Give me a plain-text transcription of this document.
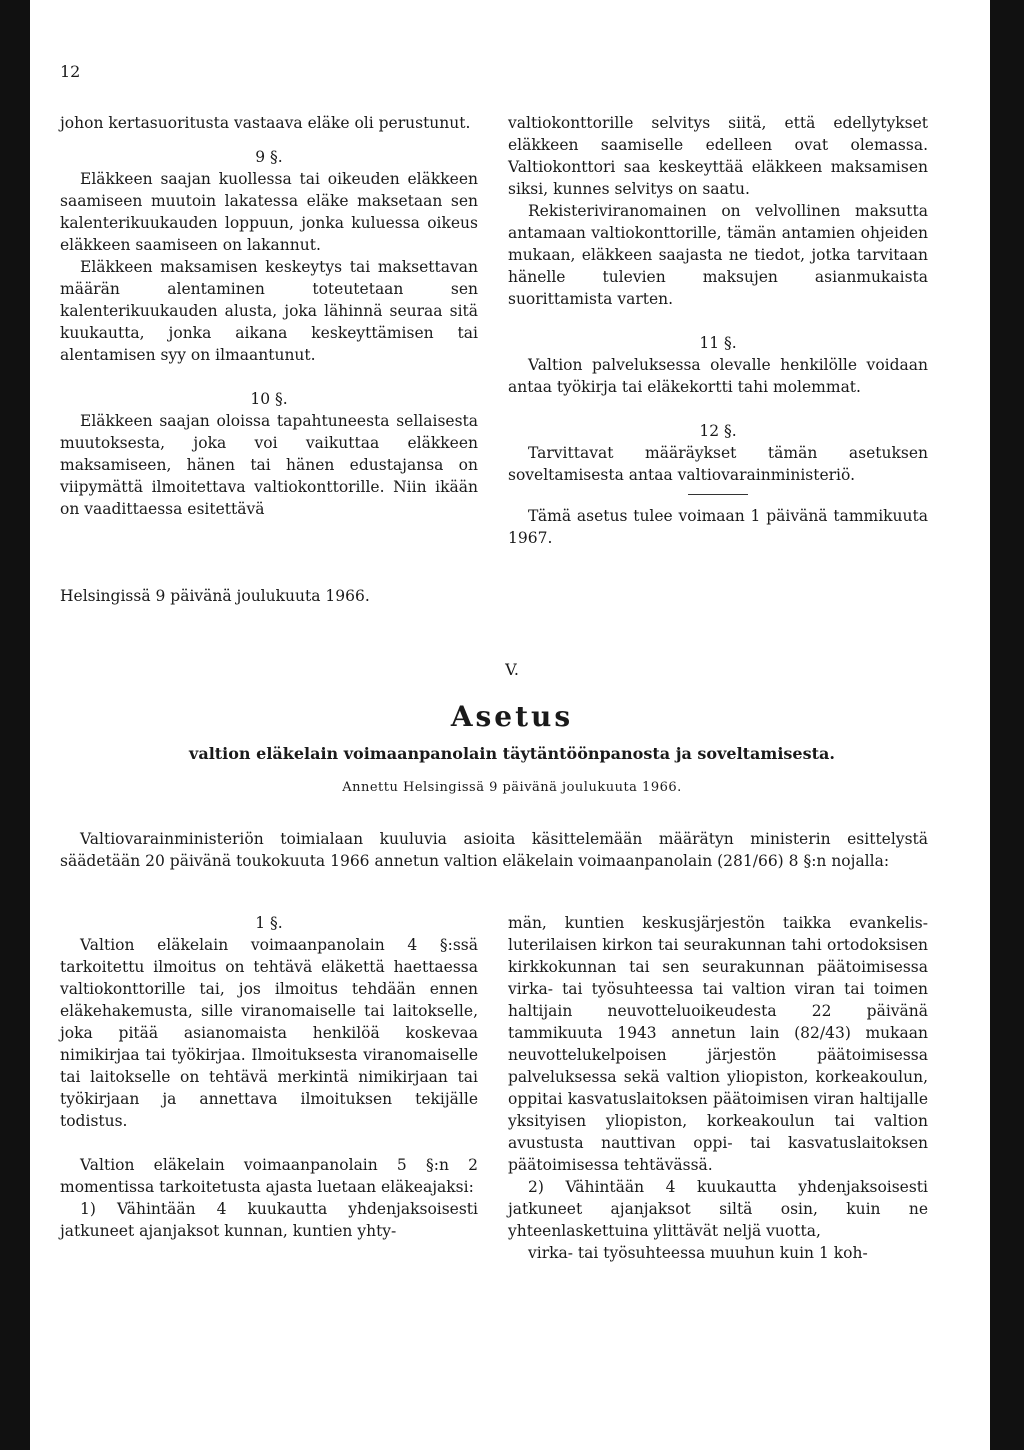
12

johon kertasuoritusta vastaava eläke oli perustunut.

9 §.

Eläkkeen saajan kuollessa tai oikeuden eläkkeen saamiseen muutoin lakatessa eläke maksetaan sen kalenterikuukauden loppuun, jonka kuluessa oikeus eläkkeen saamiseen on lakannut.

Eläkkeen maksamisen keskeytys tai maksettavan määrän alentaminen toteutetaan sen kalenterikuukauden alusta, joka lähinnä seuraa sitä kuukautta, jonka aikana keskeyttämisen tai alentamisen syy on ilmaantunut.

10 §.

Eläkkeen saajan oloissa tapahtuneesta sellaisesta muutoksesta, joka voi vaikuttaa eläkkeen maksamiseen, hänen tai hänen edustajansa on viipymättä ilmoitettava valtiokonttorille. Niin ikään on vaadittaessa esitettävä

valtiokonttorille selvitys siitä, että edellytykset eläkkeen saamiselle edelleen ovat olemassa. Valtiokonttori saa keskeyttää eläkkeen maksamisen siksi, kunnes selvitys on saatu.

Rekisteriviranomainen on velvollinen maksutta antamaan valtiokonttorille, tämän antamien ohjeiden mukaan, eläkkeen saajasta ne tiedot, jotka tarvitaan hänelle tulevien maksujen asianmukaista suorittamista varten.

11 §.

Valtion palveluksessa olevalle henkilölle voidaan antaa työkirja tai eläkekortti tahi molemmat.

12 §.

Tarvittavat määräykset tämän asetuksen soveltamisesta antaa valtiovarainministeriö.

Tämä asetus tulee voimaan 1 päivänä tammikuuta 1967.

Helsingissä 9 päivänä joulukuuta 1966.
V.
Asetus
valtion eläkelain voimaanpanolain täytäntöönpanosta ja soveltamisesta.
Annettu Helsingissä 9 päivänä joulukuuta 1966.

Valtiovarainministeriön toimialaan kuuluvia asioita käsittelemään määrätyn ministerin esittelystä säädetään 20 päivänä toukokuuta 1966 annetun valtion eläkelain voimaanpanolain (281/66) 8 §:n nojalla:

1 §.

Valtion eläkelain voimaanpanolain 4 §:ssä tarkoitettu ilmoitus on tehtävä eläkettä haettaessa valtiokonttorille tai, jos ilmoitus tehdään ennen eläkehakemusta, sille viranomaiselle tai laitokselle, joka pitää asianomaista henkilöä koskevaa nimikirjaa tai työkirjaa. Ilmoituksesta viranomaiselle tai laitokselle on tehtävä merkintä nimikirjaan tai työkirjaan ja annettava ilmoituksen tekijälle todistus.

Valtion eläkelain voimaanpanolain 5 §:n 2 momentissa tarkoitetusta ajasta luetaan eläkeajaksi:

1) Vähintään 4 kuukautta yhdenjaksoisesti jatkuneet ajanjaksot kunnan, kuntien yhty-

män, kuntien keskusjärjestön taikka evankelis-luterilaisen kirkon tai seurakunnan tahi ortodoksisen kirkkokunnan tai sen seurakunnan päätoimisessa virka- tai työsuhteessa tai valtion viran tai toimen haltijain neuvotteluoikeudesta 22 päivänä tammikuuta 1943 annetun lain (82/43) mukaan neuvottelukelpoisen järjestön päätoimisessa palveluksessa sekä valtion yliopiston, korkeakoulun, oppitai kasvatuslaitoksen päätoimisen viran haltijalle yksityisen yliopiston, korkeakoulun tai valtion avustusta nauttivan oppi- tai kasvatuslaitoksen päätoimisessa tehtävässä.

2) Vähintään 4 kuukautta yhdenjaksoisesti jatkuneet ajanjaksot siltä osin, kuin ne yhteenlaskettuina ylittävät neljä vuotta,

virka- tai työsuhteessa muuhun kuin 1 koh-
